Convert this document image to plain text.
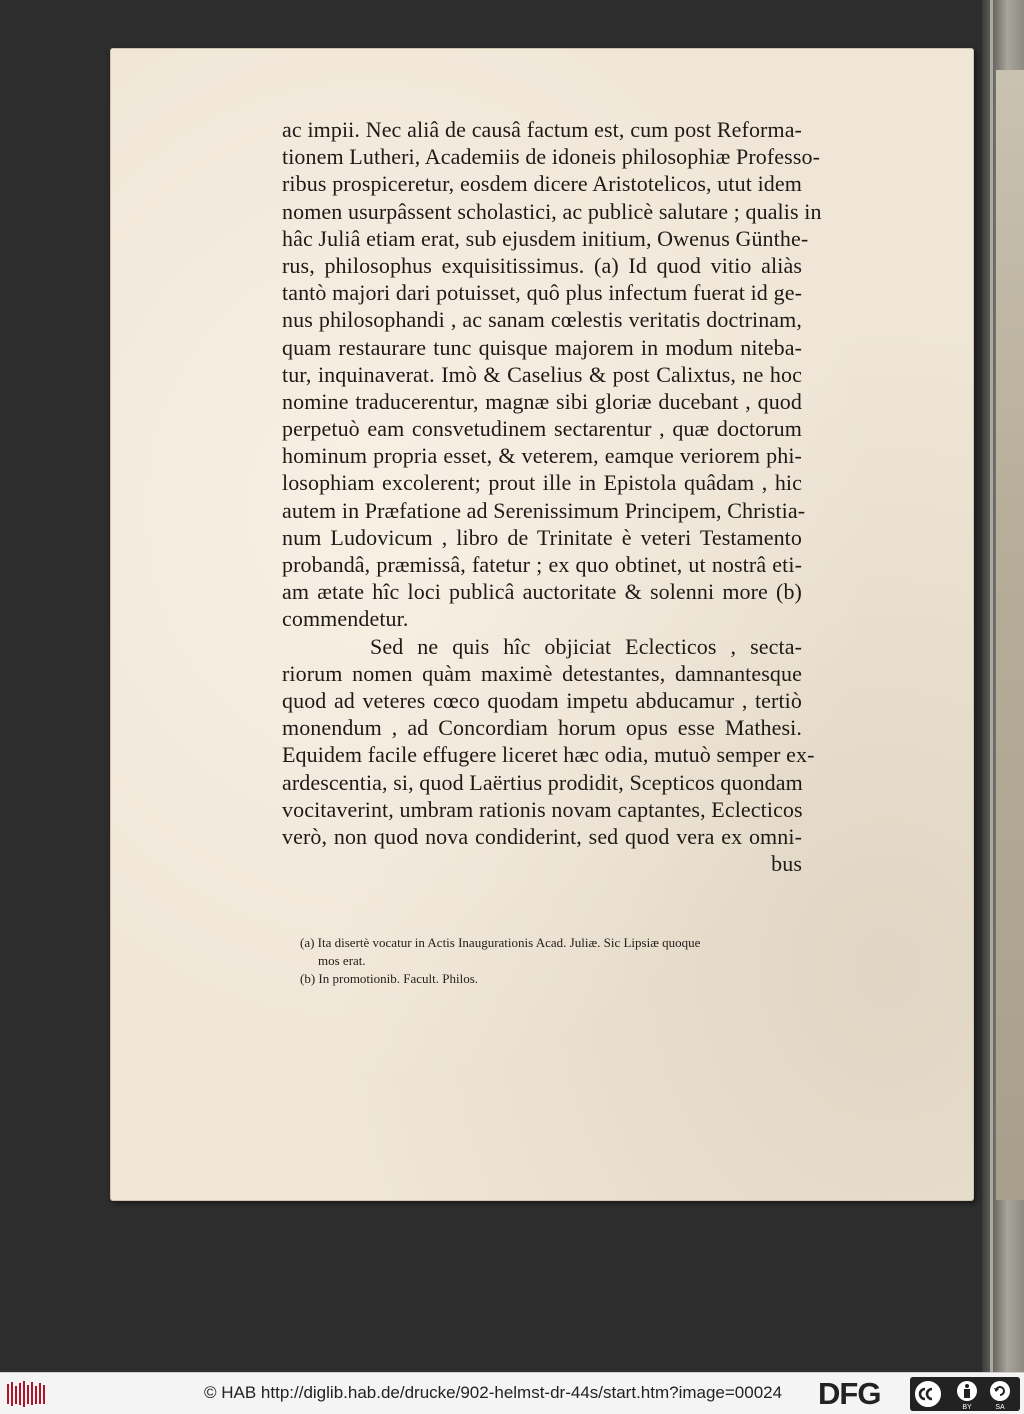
ac impii. Nec aliâ de causâ factum est, cum post Reforma-
tionem Lutheri, Academiis de idoneis philosophiæ Professo-
ribus prospiceretur, eosdem dicere Aristotelicos, utut idem
nomen usurpâssent scholastici, ac publicè salutare ; qualis in
hâc Juliâ etiam erat, sub ejusdem initium, Owenus Günthe-
rus, philosophus exquisitissimus. (a) Id quod vitio aliàs
tantò majori dari potuisset, quô plus infectum fuerat id ge-
nus philosophandi , ac sanam cœlestis veritatis doctrinam,
quam restaurare tunc quisque majorem in modum niteba-
tur, inquinaverat. Imò & Caselius & post Calixtus, ne hoc
nomine traducerentur, magnæ sibi gloriæ ducebant , quod
perpetuò eam consvetudinem sectarentur , quæ doctorum
hominum propria esset, & veterem, eamque veriorem phi-
losophiam excolerent; prout ille in Epistola quâdam , hic
autem in Præfatione ad Serenissimum Principem, Christia-
num Ludovicum , libro de Trinitate è veteri Testamento
probandâ, præmissâ, fatetur ; ex quo obtinet, ut nostrâ eti-
am ætate hîc loci publicâ auctoritate & solenni more (b)
commendetur.
Sed ne quis hîc objiciat Eclecticos , secta-
riorum nomen quàm maximè detestantes, damnantesque
quod ad veteres cœco quodam impetu abducamur , tertiò
monendum , ad Concordiam horum opus esse Mathesi.
Equidem facile effugere liceret hæc odia, mutuò semper ex-
ardescentia, si, quod Laërtius prodidit, Scepticos quondam
vocitaverint, umbram rationis novam captantes, Eclecticos
verò, non quod nova condiderint, sed quod vera ex omni-
bus
(a) Ita disertè vocatur in Actis Inaugurationis Acad. Juliæ. Sic Lipsiæ quoque
mos erat.
(b) In promotionib. Facult. Philos.
© HAB http://diglib.hab.de/drucke/902-helmst-dr-44s/start.htm?image=00024 DFG	BY	SA
